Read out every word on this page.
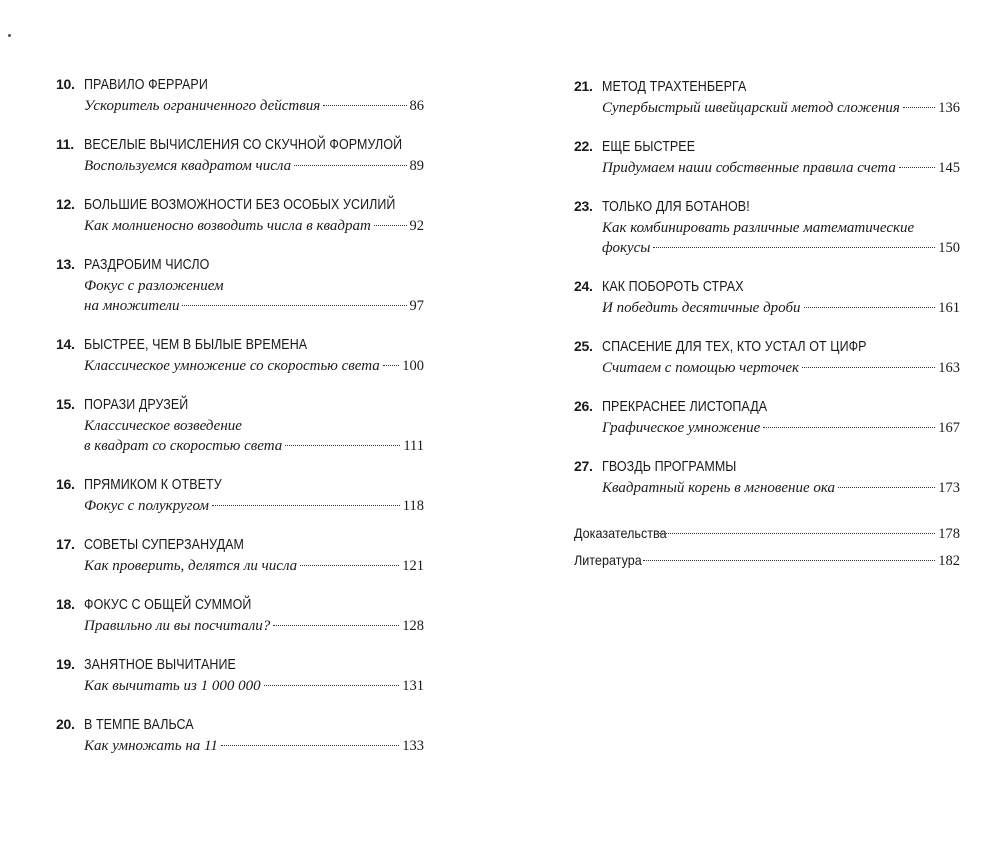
10. ПРАВИЛО ФЕРРАРИ
Ускоритель ограниченного действия	86
11. ВЕСЕЛЫЕ ВЫЧИСЛЕНИЯ СО СКУЧНОЙ ФОРМУЛОЙ
Воспользуемся квадратом числа	89
12. БОЛЬШИЕ ВОЗМОЖНОСТИ БЕЗ ОСОБЫХ УСИЛИЙ
Как молниеносно возводить числа в квадрат	92
13. РАЗДРОБИМ ЧИСЛО
Фокус с разложением
на множители	97
14. БЫСТРЕЕ, ЧЕМ В БЫЛЫЕ ВРЕМЕНА
Классическое умножение со скоростью света 100
15. ПОРАЗИ ДРУЗЕЙ
Классическое возведение
в квадрат со скоростью света	111
16. ПРЯМИКОМ К ОТВЕТУ
Фокус с полукругом	118
17. СОВЕТЫ СУПЕРЗАНУДАМ
Как проверить, делятся ли числа	121
18. ФОКУС С ОБЩЕЙ СУММОЙ
Правильно ли вы посчитали?	128
19. ЗАНЯТНОЕ ВЫЧИТАНИЕ
Как вычитать из 1 000 000	131
20. В ТЕМПЕ ВАЛЬСА
Как умножать на 11	133
Доказательства	178
Литература	182
21. МЕТОД ТРАХТЕНБЕРГА
Супербыстрый швейцарский метод сложения	136
22. ЕЩЕ БЫСТРЕЕ
Придумаем наши собственные правила счета	145
23. ТОЛЬКО ДЛЯ БОТАНОВ!
Как комбинировать различные математические
фокусы	150
24. КАК ПОБОРОТЬ СТРАХ
И победить десятичные дроби	161
25. СПАСЕНИЕ ДЛЯ ТЕХ, КТО УСТАЛ ОТ ЦИФР
Считаем с помощью черточек	163
26. ПРЕКРАСНЕЕ ЛИСТОПАДА
Графическое умножение	167
27. ГВОЗДЬ ПРОГРАММЫ
Квадратный корень в мгновение ока	173
